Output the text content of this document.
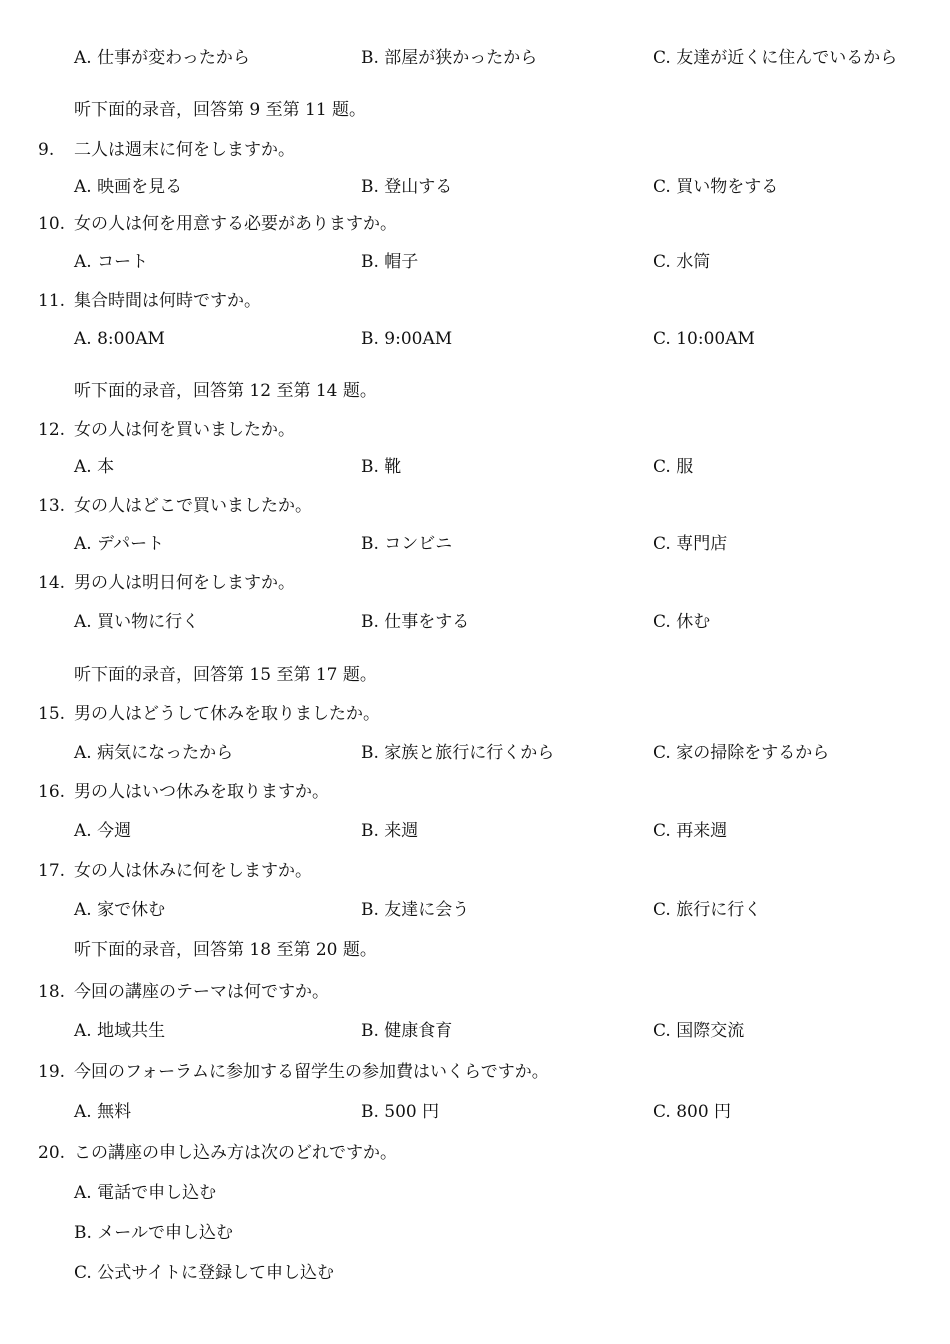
A. 仕事が変わったから	B. 部屋が狭かったから	C. 友達が近くに住んでいるから
听下面的录音，回答第 9 至第 11 题。
9. 二人は週末に何をしますか。
A. 映画を見る	B. 登山する	C. 買い物をする
10. 女の人は何を用意する必要がありますか。
A. コート	B. 帽子	C. 水筒
11. 集合時間は何時ですか。
A. 8:00AM	B. 9:00AM	C. 10:00AM
听下面的录音，回答第 12 至第 14 题。
12. 女の人は何を買いましたか。
A. 本	B. 靴	C. 服
13. 女の人はどこで買いましたか。
A. デパート	B. コンビニ	C. 専門店
14. 男の人は明日何をしますか。
A. 買い物に行く	B. 仕事をする	C. 休む
听下面的录音，回答第 15 至第 17 题。
15. 男の人はどうして休みを取りましたか。
A. 病気になったから	B. 家族と旅行に行くから	C. 家の掃除をするから
16. 男の人はいつ休みを取りますか。
A. 今週	B. 来週	C. 再来週
17. 女の人は休みに何をしますか。
A. 家で休む	B. 友達に会う	C. 旅行に行く
听下面的录音，回答第 18 至第 20 题。
18. 今回の講座のテーマは何ですか。
A. 地域共生	B. 健康食育	C. 国際交流
19. 今回のフォーラムに参加する留学生の参加費はいくらですか。
A. 無料	B. 500 円	C. 800 円
20. この講座の申し込み方は次のどれですか。
A. 電話で申し込む
B. メールで申し込む
C. 公式サイトに登録して申し込む
